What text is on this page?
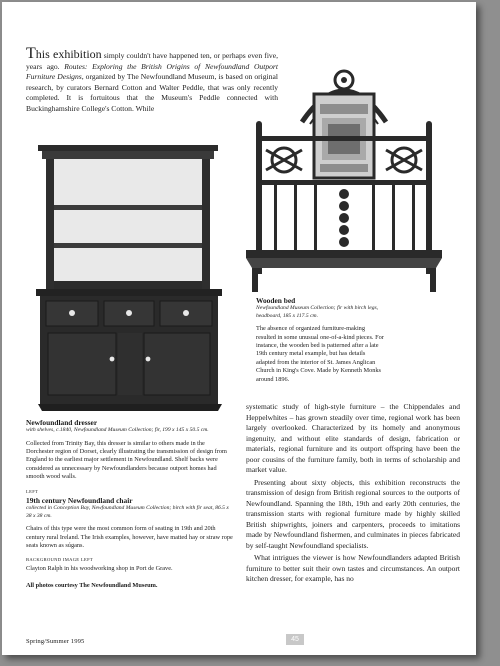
This exhibition simply couldn't have happened ten, or perhaps even five, years ago. Routes: Exploring the British Origins of Newfoundland Outport Furniture Designs, organized by The Newfoundland Museum, is based on original research, by curators Bernard Cotton and Walter Peddle, that was only recently completed. It is fortuitous that the Museum's Peddle connected with Buckinghamshire College's Cotton. While
Wooden bed
Newfoundland Museum Collection; fir with birch legs, headboard, 185 x 117.5 cm.
The absence of organized furniture-making resulted in some unusual one-of-a-kind pieces. For instance, the wooden bed is patterned after a late 19th century metal example, but has details adapted from the interior of St. James Anglican Church in King's Cove. Made by Kenneth Monks around 1896.
Newfoundland dresser
with shelves, c.1840, Newfoundland Museum Collection; fir, 199 x 145 x 50.5 cm.
Collected from Trinity Bay, this dresser is similar to others made in the Dorchester region of Dorset, clearly illustrating the transmission of design from England to the earliest major settlement in Newfoundland. Shelf backs were considered as unnecessary by Newfoundlanders because outport homes had smooth wood walls.
LEFT
19th century Newfoundland chair
collected in Conception Bay, Newfoundland Museum Collection; birch with fir seat, 86.5 x 38 x 38 cm.
Chairs of this type were the most common form of seating in 19th and 20th century rural Ireland. The Irish examples, however, have matted hay or straw rope seats known as súgans.
BACKGROUND IMAGE LEFT
Clayton Ralph in his woodworking shop in Port de Grave.
All photos courtesy The Newfoundland Museum.

systematic study of high-style furniture – the Chippendales and Heppelwhites – has grown steadily over time, regional work has been largely overlooked. Characterized by its homely and anonymous ingenuity, and without elite standards of design, fabrication or materials, regional furniture and its outport offspring have been the poor cousins of the furniture family, both in terms of scholarship and market value.

Presenting about sixty objects, this exhibition reconstructs the transmission of design from British regional sources to the outports of Newfoundland. Spanning the 18th, 19th and early 20th centuries, the transmission starts with regional furniture made by highly skilled British shipwrights, joiners and carpenters, proceeds to imitations made by Newfoundland fishermen, and culminates in pieces fabricated by self-taught Newfoundland specialists.

What intrigues the viewer is how Newfoundlanders adapted British furniture to better suit their own tastes and circumstances. An outport kitchen dresser, for example, has no

Spring/Summer 1995	45
